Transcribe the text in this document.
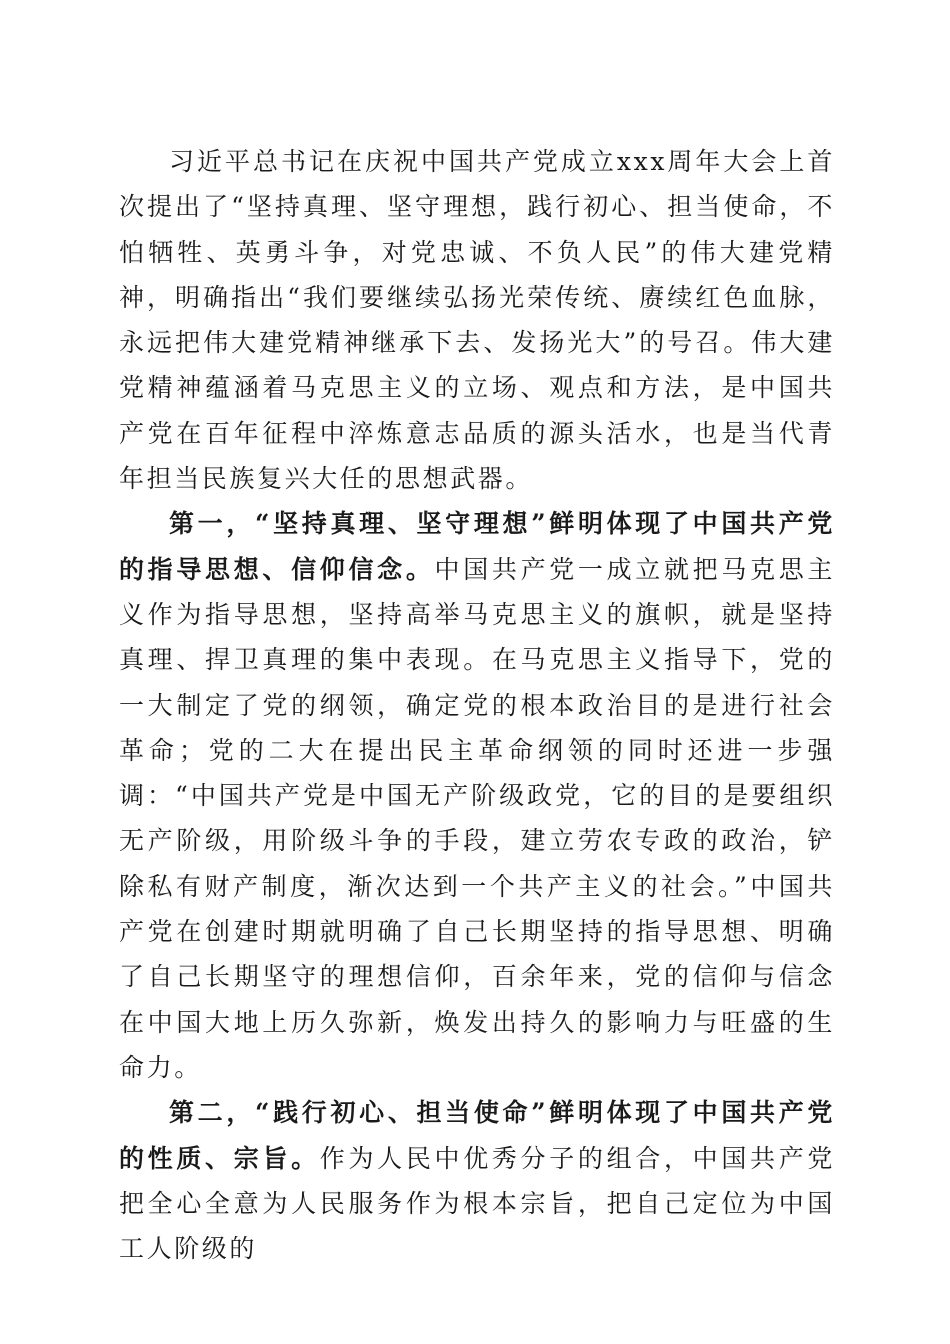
习近平总书记在庆祝中国共产党成立xxx周年大会上首次提出了“坚持真理、坚守理想，践行初心、担当使命，不怕牺牲、英勇斗争，对党忠诚、不负人民”的伟大建党精神，明确指出“我们要继续弘扬光荣传统、赓续红色血脉，永远把伟大建党精神继承下去、发扬光大”的号召。伟大建党精神蕴涵着马克思主义的立场、观点和方法，是中国共产党在百年征程中淬炼意志品质的源头活水，也是当代青年担当民族复兴大任的思想武器。

第一，“坚持真理、坚守理想”鲜明体现了中国共产党的指导思想、信仰信念。中国共产党一成立就把马克思主义作为指导思想，坚持高举马克思主义的旗帜，就是坚持真理、捍卫真理的集中表现。在马克思主义指导下，党的一大制定了党的纲领，确定党的根本政治目的是进行社会革命；党的二大在提出民主革命纲领的同时还进一步强调：“中国共产党是中国无产阶级政党，它的目的是要组织无产阶级，用阶级斗争的手段，建立劳农专政的政治，铲除私有财产制度，渐次达到一个共产主义的社会。”中国共产党在创建时期就明确了自己长期坚持的指导思想、明确了自己长期坚守的理想信仰，百余年来，党的信仰与信念在中国大地上历久弥新，焕发出持久的影响力与旺盛的生命力。

第二，“践行初心、担当使命”鲜明体现了中国共产党的性质、宗旨。作为人民中优秀分子的组合，中国共产党把全心全意为人民服务作为根本宗旨，把自己定位为中国工人阶级的
